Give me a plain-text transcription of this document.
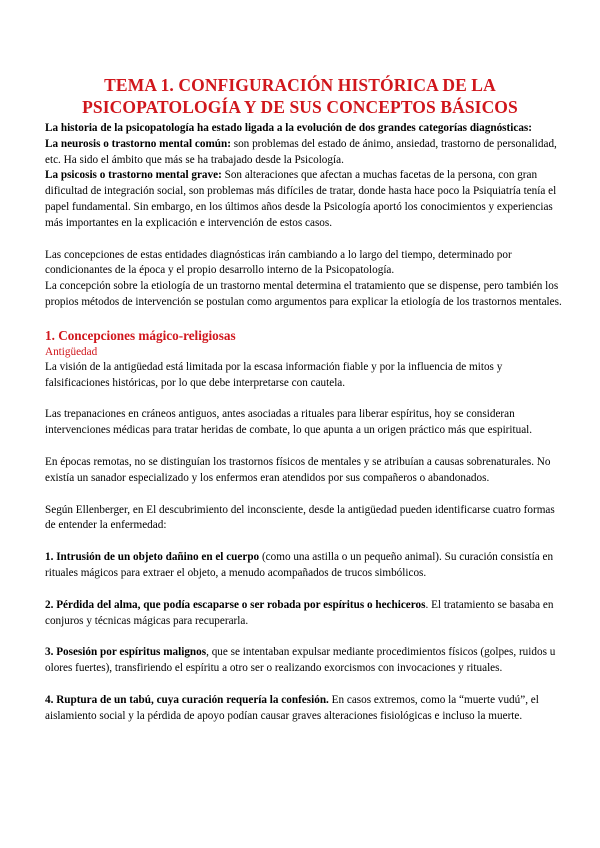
TEMA 1. CONFIGURACIÓN HISTÓRICA DE LA
PSICOPATOLOGÍA Y DE SUS CONCEPTOS BÁSICOS

La historia de la psicopatología ha estado ligada a la evolución de dos grandes categorías diagnósticas:

La neurosis o trastorno mental común: son problemas del estado de ánimo, ansiedad, trastorno de personalidad, etc. Ha sido el ámbito que más se ha trabajado desde la Psicología.

La psicosis o trastorno mental grave: Son alteraciones que afectan a muchas facetas de la persona, con gran dificultad de integración social, son problemas más difíciles de tratar, donde hasta hace poco la Psiquiatría tenía el papel fundamental. Sin embargo, en los últimos años desde la Psicología aportó los conocimientos y experiencias más importantes en la explicación e intervención de estos casos.

Las concepciones de estas entidades diagnósticas irán cambiando a lo largo del tiempo, determinado por condicionantes de la época y el propio desarrollo interno de la Psicopatología.

La concepción sobre la etiología de un trastorno mental determina el tratamiento que se dispense, pero también los propios métodos de intervención se postulan como argumentos para explicar la etiología de los trastornos mentales.

1. Concepciones mágico-religiosas

Antigüedad

La visión de la antigüedad está limitada por la escasa información fiable y por la influencia de mitos y falsificaciones históricas, por lo que debe interpretarse con cautela.

Las trepanaciones en cráneos antiguos, antes asociadas a rituales para liberar espíritus, hoy se consideran intervenciones médicas para tratar heridas de combate, lo que apunta a un origen práctico más que espiritual.

En épocas remotas, no se distinguían los trastornos físicos de mentales y se atribuían a causas sobrenaturales. No existía un sanador especializado y los enfermos eran atendidos por sus compañeros o abandonados.

Según Ellenberger, en El descubrimiento del inconsciente, desde la antigüedad pueden identificarse cuatro formas de entender la enfermedad:

1. Intrusión de un objeto dañino en el cuerpo (como una astilla o un pequeño animal). Su curación consistía en rituales mágicos para extraer el objeto, a menudo acompañados de trucos simbólicos.

2. Pérdida del alma, que podía escaparse o ser robada por espíritus o hechiceros. El tratamiento se basaba en conjuros y técnicas mágicas para recuperarla.

3. Posesión por espíritus malignos, que se intentaban expulsar mediante procedimientos físicos (golpes, ruidos u olores fuertes), transfiriendo el espíritu a otro ser o realizando exorcismos con invocaciones y rituales.

4. Ruptura de un tabú, cuya curación requería la confesión. En casos extremos, como la “muerte vudú”, el aislamiento social y la pérdida de apoyo podían causar graves alteraciones fisiológicas e incluso la muerte.
